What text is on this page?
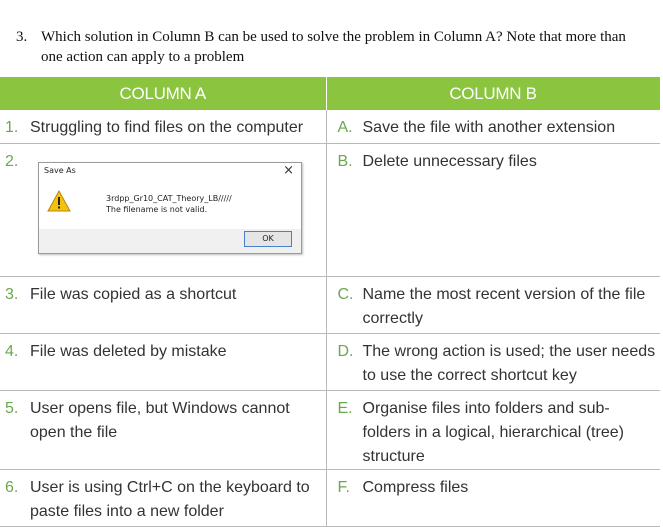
3. Which solution in Column B can be used to solve the problem in Column A? Note that more than one action can apply to a problem
COLUMN A	COLUMN B

1. Struggling to find files on the computer	A. Save the file with another extension

2.	B. Delete unnecessary files

3. File was copied as a shortcut	C. Name the most recent version of the file correctly

4. File was deleted by mistake	D. The wrong action is used; the user needs to use the correct shortcut key

5. User opens file, but Windows cannot open the file	E. Organise files into folders and sub-folders in a logical, hierarchical (tree) structure

6. User is using Ctrl+C on the keyboard to paste files into a new folder	F. Compress files
Save As	×
3rdpp_Gr10_CAT_Theory_LB/////
The filename is not valid.
OK
